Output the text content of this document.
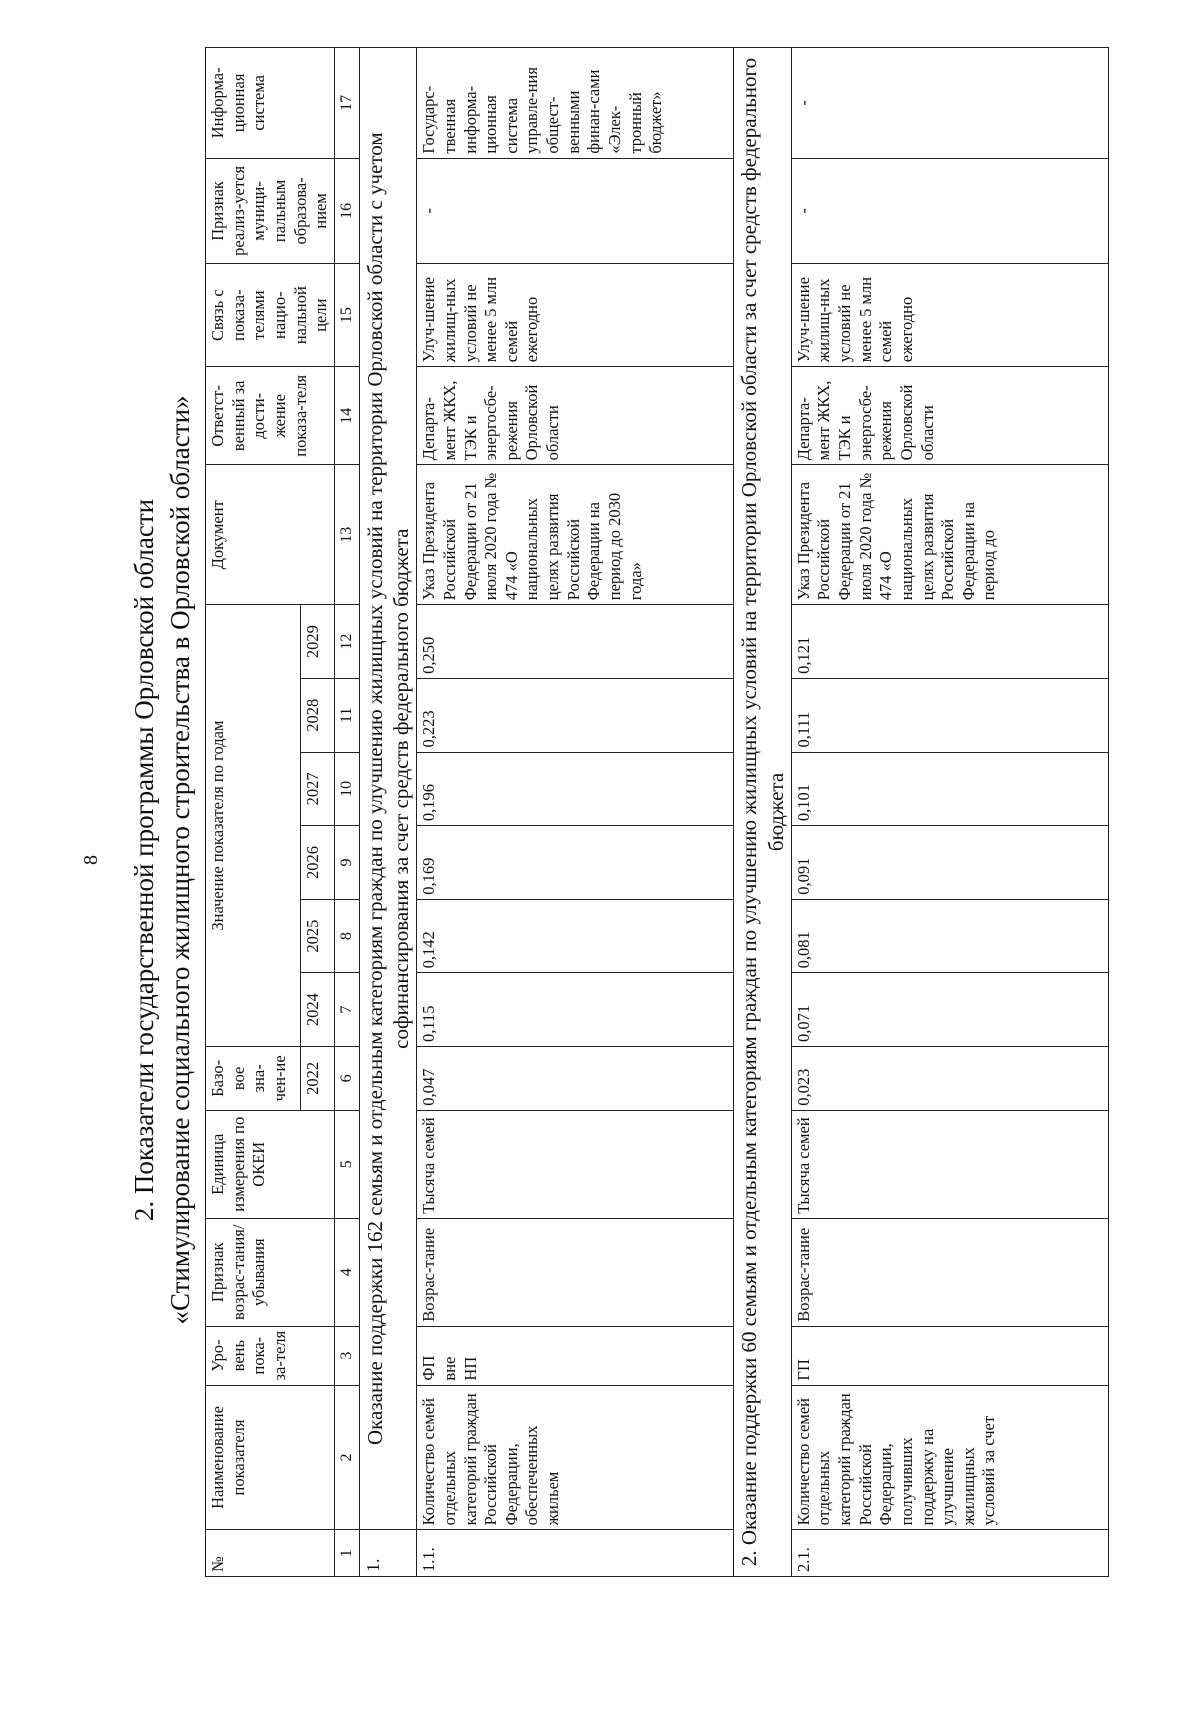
8 2. Показатели государственной программы Орловской области «Стимулирование социального жилищного строительства в Орловской области»
№	Наименование показателя	Уро-вень пока-за-теля	Признак возрас-тания/ убывания	Единица измерения по ОКЕИ	Базо-вое зна-чен-ие	Значение показателя по годам						Документ	Ответст-венный за дости-жение показа-теля	Связь с показа-телями нацио-нальной цели	Признак реализ-уется муници-пальным образова-нием	Информа-ционная система
					2022	2024	2025	2026	2027	2028	2029					
1	2	3	4	5	6	7	8	9	10	11	12	13	14	15	16	17
1.	Оказание поддержки 162 семьям и отдельным категориям граждан по улучшению жилищных условий на территории Орловской области с учетом софинансирования за счет средств федерального бюджета															
1.1.	Количество семей отдельных категорий граждан Российской Федерации, обеспеченных жильем	ФП вне НП	Возрас-тание	Тысяча семей	0,047	0,115	0,142	0,169	0,196	0,223	0,250	Указ Президента Российской Федерации от 21 июля 2020 года № 474 «О национальных целях развития Российской Федерации на период до 2030 года»	Департа-мент ЖКХ, ТЭК и энергосбе-режения Орловской области	Улуч-шение жилищ-ных условий не менее 5 млн семей ежегодно	-	Государс-твенная информа-ционная система управле-ния общест-венными финан-сами «Элек-тронный бюджет»
2. Оказание поддержки 60 семьям и отдельным категориям граждан по улучшению жилищных условий на территории Орловской области за счет средств федерального бюджета																
2.1.	Количество семей отдельных категорий граждан Российской Федерации, получивших поддержку на улучшение жилищных условий за счет	ГП	Возрас-тание	Тысяча семей	0,023	0,071	0,081	0,091	0,101	0,111	0,121	Указ Президента Российской Федерации от 21 июля 2020 года № 474 «О национальных целях развития Российской Федерации на период до	Департа-мент ЖКХ, ТЭК и энергосбе-режения Орловской области	Улуч-шение жилищ-ных условий не менее 5 млн семей ежегодно	-	-
